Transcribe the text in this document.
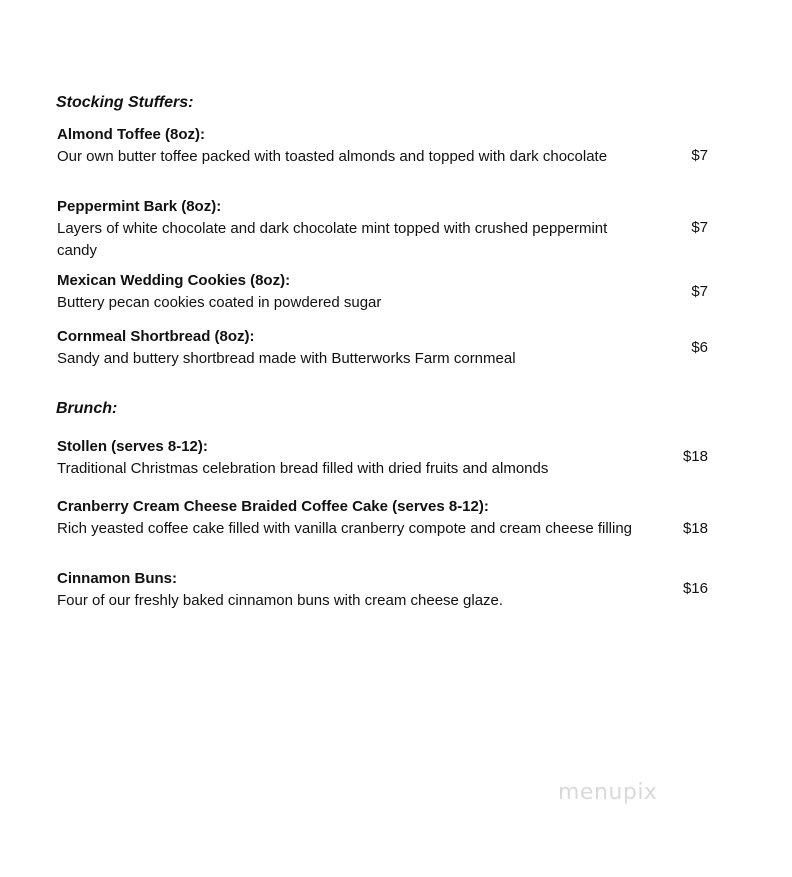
Stocking Stuffers:
Almond Toffee (8oz):
Our own butter toffee packed with toasted almonds and topped with dark chocolate	$7
Peppermint Bark (8oz):
Layers of white chocolate and dark chocolate mint topped with crushed peppermint candy
$7
Mexican Wedding Cookies (8oz):
Buttery pecan cookies coated in powdered sugar
$7
Cornmeal Shortbread (8oz):
Sandy and buttery shortbread made with Butterworks Farm cornmeal
$6
Brunch:
Stollen (serves 8-12):
Traditional Christmas celebration bread filled with dried fruits and almonds
$18
Cranberry Cream Cheese Braided Coffee Cake (serves 8-12):
Rich yeasted coffee cake filled with vanilla cranberry compote and cream cheese filling	$18
Cinnamon Buns:
Four of our freshly baked cinnamon buns with cream cheese glaze.
$16
menupix
